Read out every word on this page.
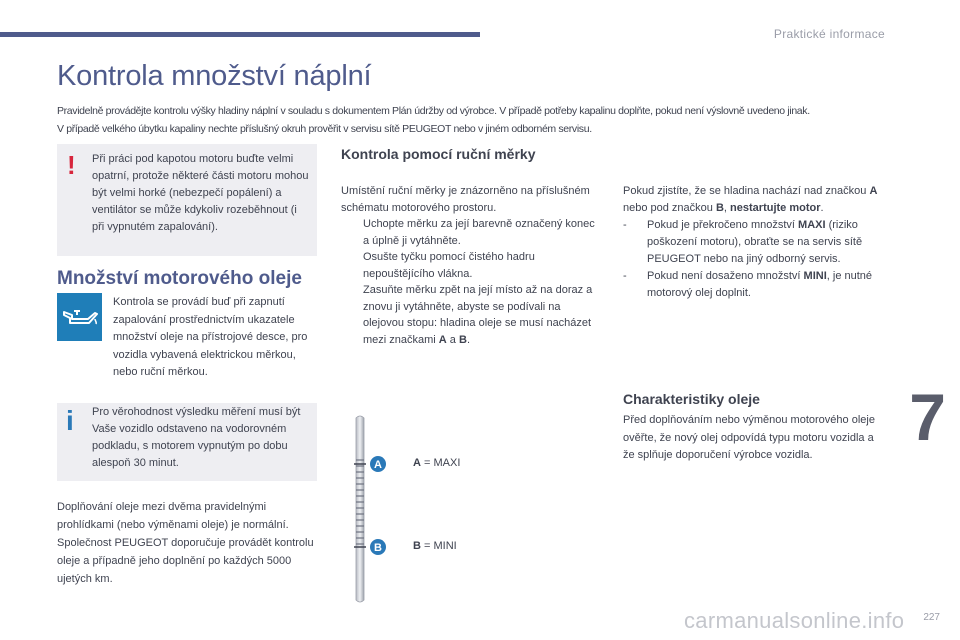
Praktické informace
7
Kontrola množství náplní
Pravidelně provádějte kontrolu výšky hladiny náplní v souladu s dokumentem Plán údržby od výrobce. V případě potřeby kapalinu doplňte, pokud není výslovně uvedeno jinak.
V případě velkého úbytku kapaliny nechte příslušný okruh prověřit v servisu sítě PEUGEOT nebo v jiném odborném servisu.
! Při práci pod kapotou motoru buďte velmi opatrní, protože některé části motoru mohou být velmi horké (nebezpečí popálení) a ventilátor se může kdykoliv rozeběhnout (i při vypnutém zapalování).
Množství motorového oleje
Kontrola se provádí buď při zapnutí zapalování prostřednictvím ukazatele množství oleje na přístrojové desce, pro vozidla vybavená elektrickou měrkou, nebo ruční měrkou.
i Pro věrohodnost výsledku měření musí být Vaše vozidlo odstaveno na vodorovném podkladu, s motorem vypnutým po dobu alespoň 30 minut.
Doplňování oleje mezi dvěma pravidelnými prohlídkami (nebo výměnami oleje) je normální. Společnost PEUGEOT doporučuje provádět kontrolu oleje a případně jeho doplnění po každých 5000 ujetých km.
Kontrola pomocí ruční měrky
Umístění ruční měrky je znázorněno na příslušném schématu motorového prostoru.
Uchopte měrku za její barevně označený konec a úplně ji vytáhněte.
Osušte tyčku pomocí čistého hadru nepouštějícího vlákna.
Zasuňte měrku zpět na její místo až na doraz a znovu ji vytáhněte, abyste se podívali na olejovou stopu: hladina oleje se musí nacházet mezi značkami A a B.
Pokud zjistíte, že se hladina nachází nad značkou A nebo pod značkou B, nestartujte motor.
- Pokud je překročeno množství MAXI (riziko poškození motoru), obraťte se na servis sítě PEUGEOT nebo na jiný odborný servis.
- Pokud není dosaženo množství MINI, je nutné motorový olej doplnit.
Charakteristiky oleje
Před doplňováním nebo výměnou motorového oleje ověřte, že nový olej odpovídá typu motoru vozidla a že splňuje doporučení výrobce vozidla.
A
B
A = MAXI
B = MINI
carmanualsonline.info 227
